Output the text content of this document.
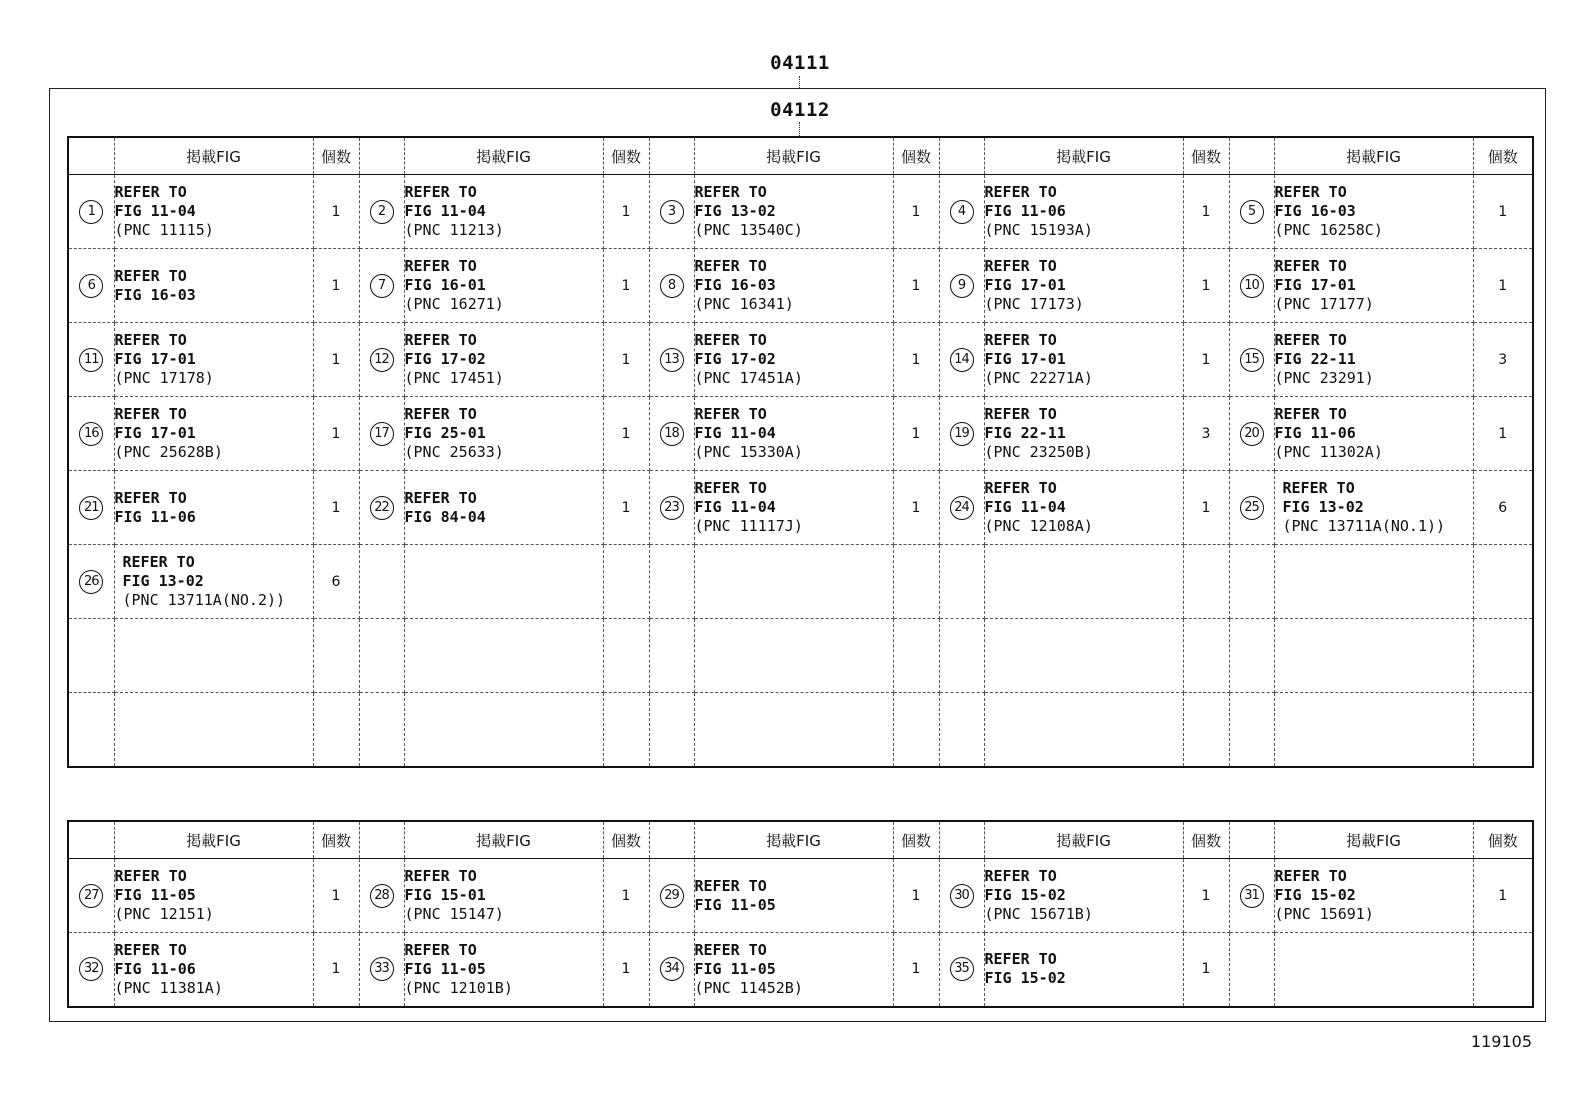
04111
04112
	掲載FIG	個数		掲載FIG	個数		掲載FIG	個数		掲載FIG	個数		掲載FIG	個数
1	REFER TO
FIG 11-04
(PNC 11115)	1	2	REFER TO
FIG 11-04
(PNC 11213)	1	3	REFER TO
FIG 13-02
(PNC 13540C)	1	4	REFER TO
FIG 11-06
(PNC 15193A)	1	5	REFER TO
FIG 16-03
(PNC 16258C)	1
6	REFER TO
FIG 16-03	1	7	REFER TO
FIG 16-01
(PNC 16271)	1	8	REFER TO
FIG 16-03
(PNC 16341)	1	9	REFER TO
FIG 17-01
(PNC 17173)	1	10	REFER TO
FIG 17-01
(PNC 17177)	1
11	REFER TO
FIG 17-01
(PNC 17178)	1	12	REFER TO
FIG 17-02
(PNC 17451)	1	13	REFER TO
FIG 17-02
(PNC 17451A)	1	14	REFER TO
FIG 17-01
(PNC 22271A)	1	15	REFER TO
FIG 22-11
(PNC 23291)	3
16	REFER TO
FIG 17-01
(PNC 25628B)	1	17	REFER TO
FIG 25-01
(PNC 25633)	1	18	REFER TO
FIG 11-04
(PNC 15330A)	1	19	REFER TO
FIG 22-11
(PNC 23250B)	3	20	REFER TO
FIG 11-06
(PNC 11302A)	1
21	REFER TO
FIG 11-06	1	22	REFER TO
FIG 84-04	1	23	REFER TO
FIG 11-04
(PNC 11117J)	1	24	REFER TO
FIG 11-04
(PNC 12108A)	1	25	REFER TO
FIG 13-02
(PNC 13711A(NO.1))	6
26	REFER TO
FIG 13-02
(PNC 13711A(NO.2))	6												

	掲載FIG	個数		掲載FIG	個数		掲載FIG	個数		掲載FIG	個数		掲載FIG	個数
27	REFER TO
FIG 11-05
(PNC 12151)	1	28	REFER TO
FIG 15-01
(PNC 15147)	1	29	REFER TO
FIG 11-05	1	30	REFER TO
FIG 15-02
(PNC 15671B)	1	31	REFER TO
FIG 15-02
(PNC 15691)	1
32	REFER TO
FIG 11-06
(PNC 11381A)	1	33	REFER TO
FIG 11-05
(PNC 12101B)	1	34	REFER TO
FIG 11-05
(PNC 11452B)	1	35	REFER TO
FIG 15-02	1			
119105
